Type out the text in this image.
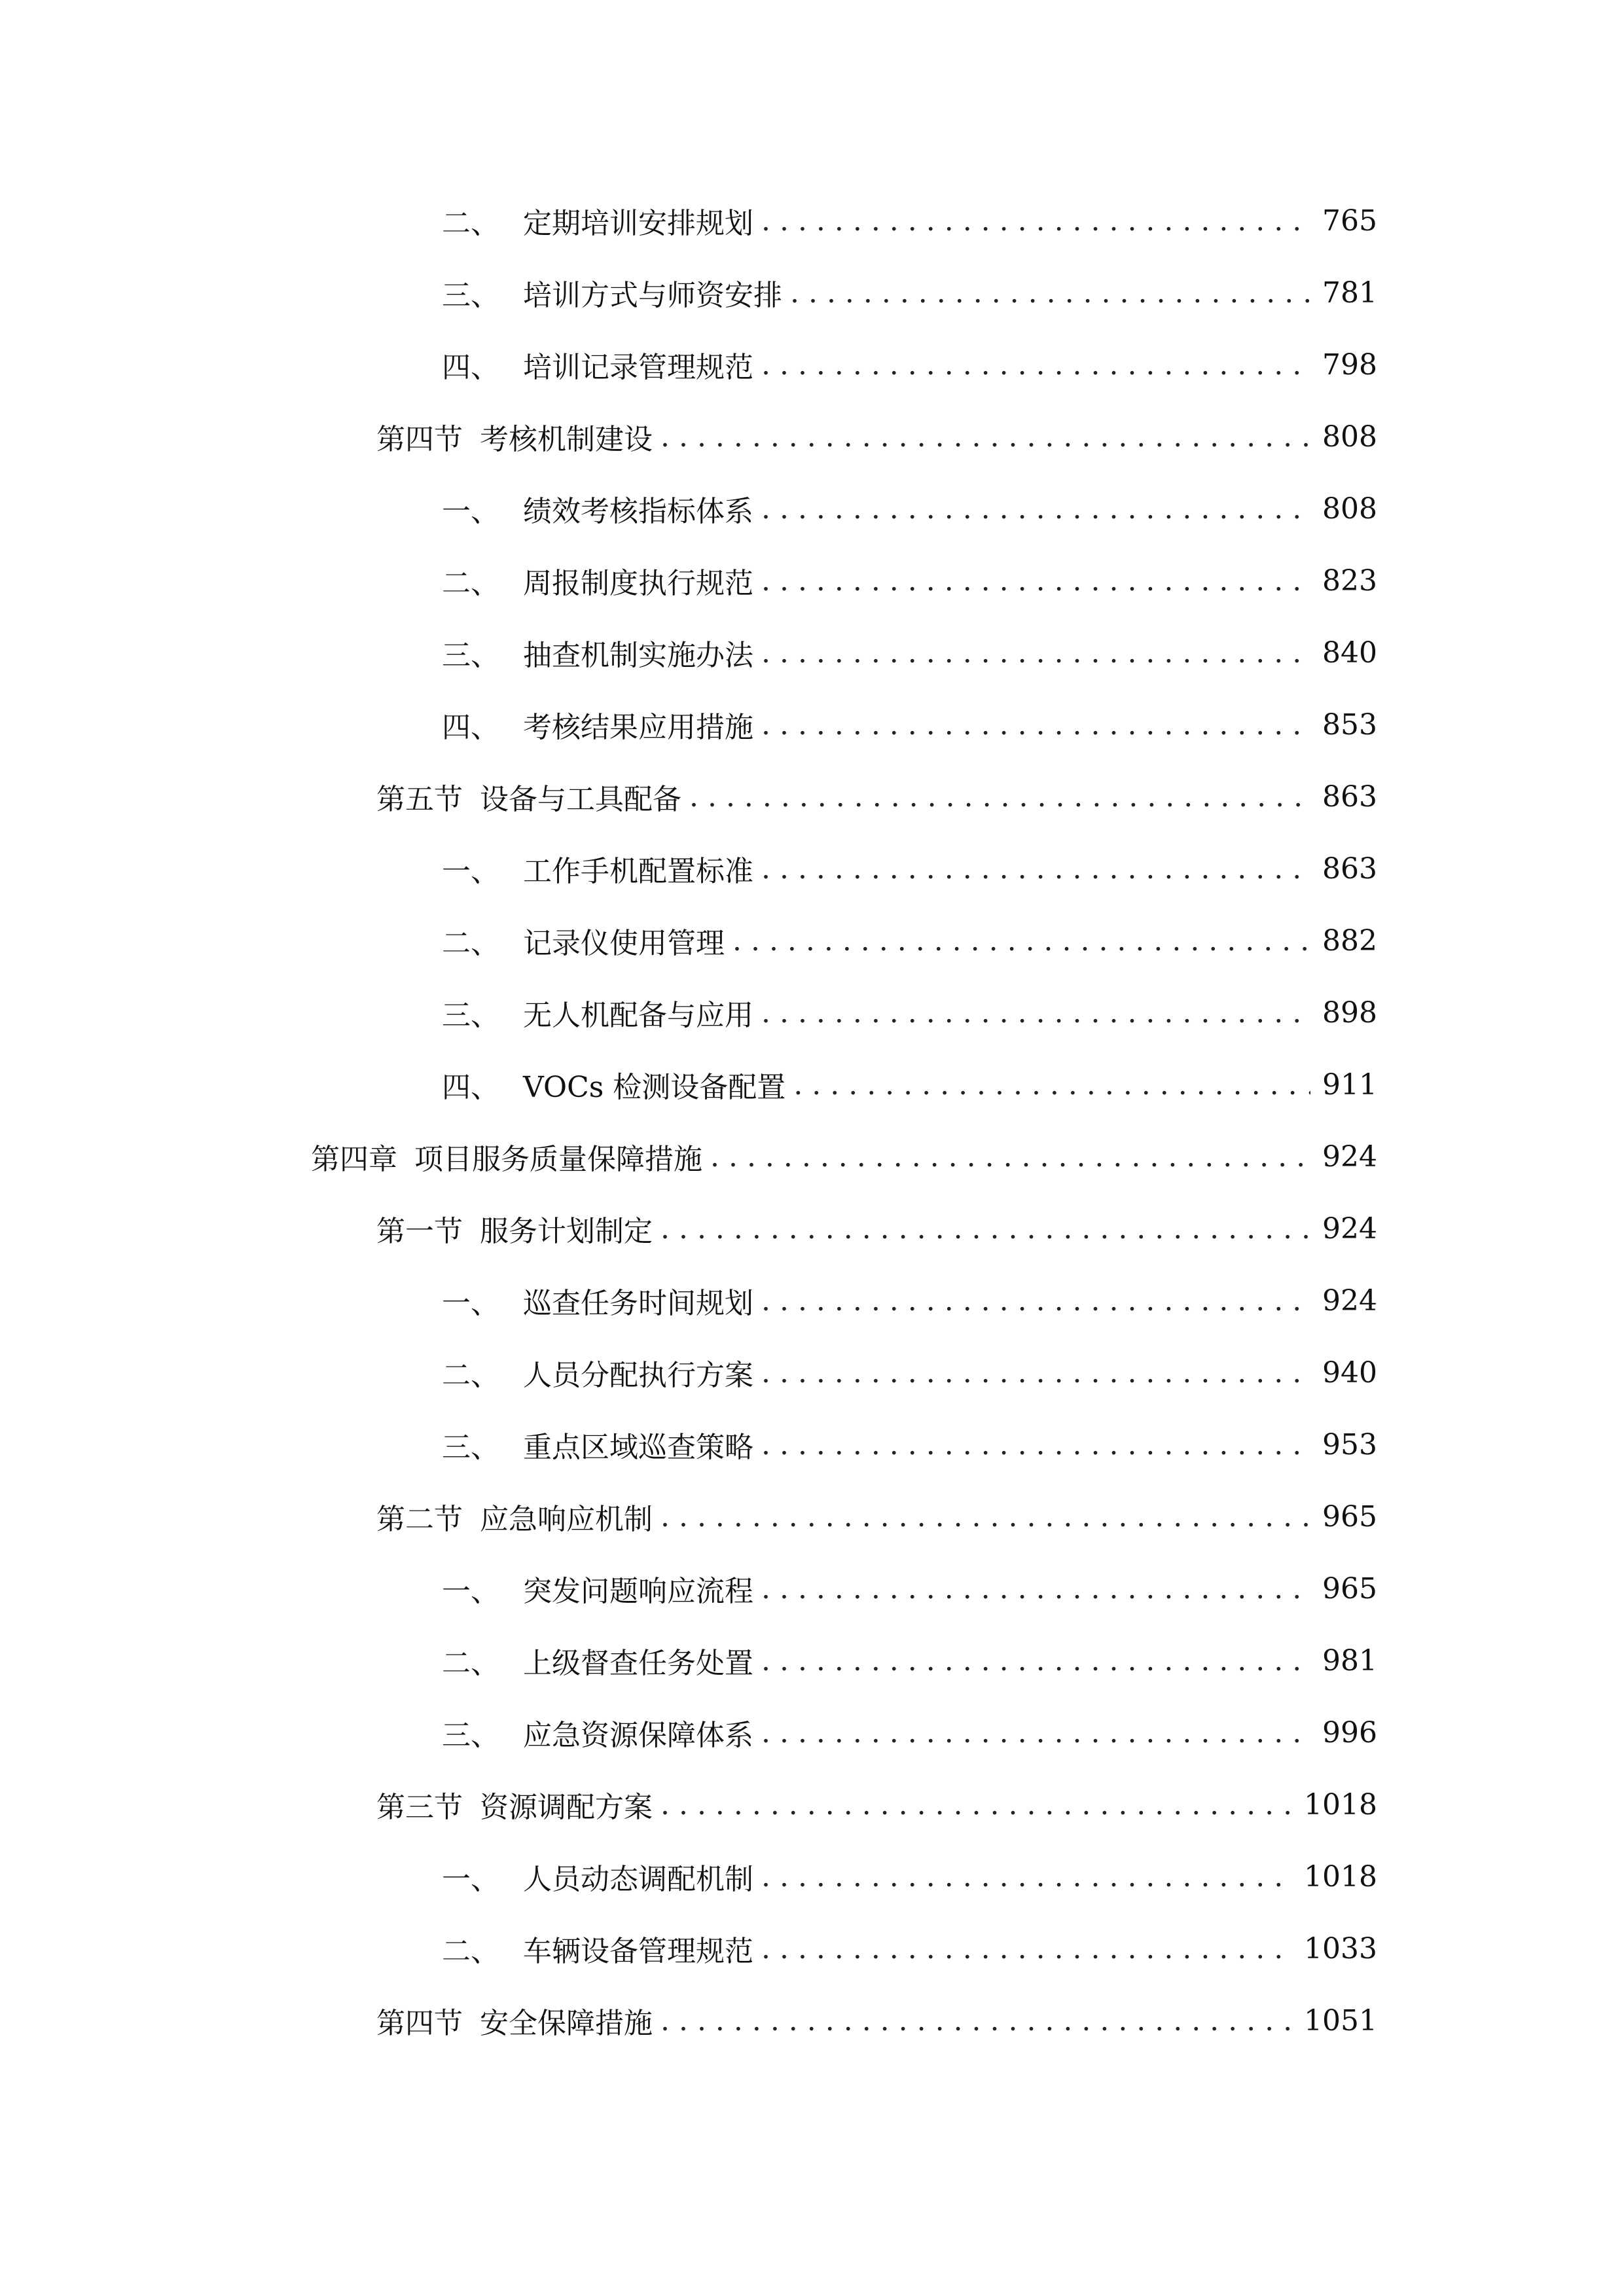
二、 定期培训安排规划 . . .	765
三、 培训方式与师资安排 . . .	781
四、 培训记录管理规范 . . .	798
第四节 考核机制建设 . . .	808
一、 绩效考核指标体系 . . .	808
二、 周报制度执行规范 . . .	823
三、 抽查机制实施办法 . . .	840
四、 考核结果应用措施 . . .	853
第五节 设备与工具配备 . . .	863
一、 工作手机配置标准 . . .	863
二、 记录仪使用管理 . . .	882
三、 无人机配备与应用 . . .	898
四、 VOCs 检测设备配置 . . .	911
第四章 项目服务质量保障措施 . . .	924
第一节 服务计划制定 . . .	924
一、 巡查任务时间规划 . . .	924
二、 人员分配执行方案 . . .	940
三、 重点区域巡查策略 . . .	953
第二节 应急响应机制 . . .	965
一、 突发问题响应流程 . . .	965
二、 上级督查任务处置 . . .	981
三、 应急资源保障体系 . . .	996
第三节 资源调配方案 . . .	1018
一、 人员动态调配机制 . . .	1018
二、 车辆设备管理规范 . . .	1033
第四节 安全保障措施 . . .	1051
